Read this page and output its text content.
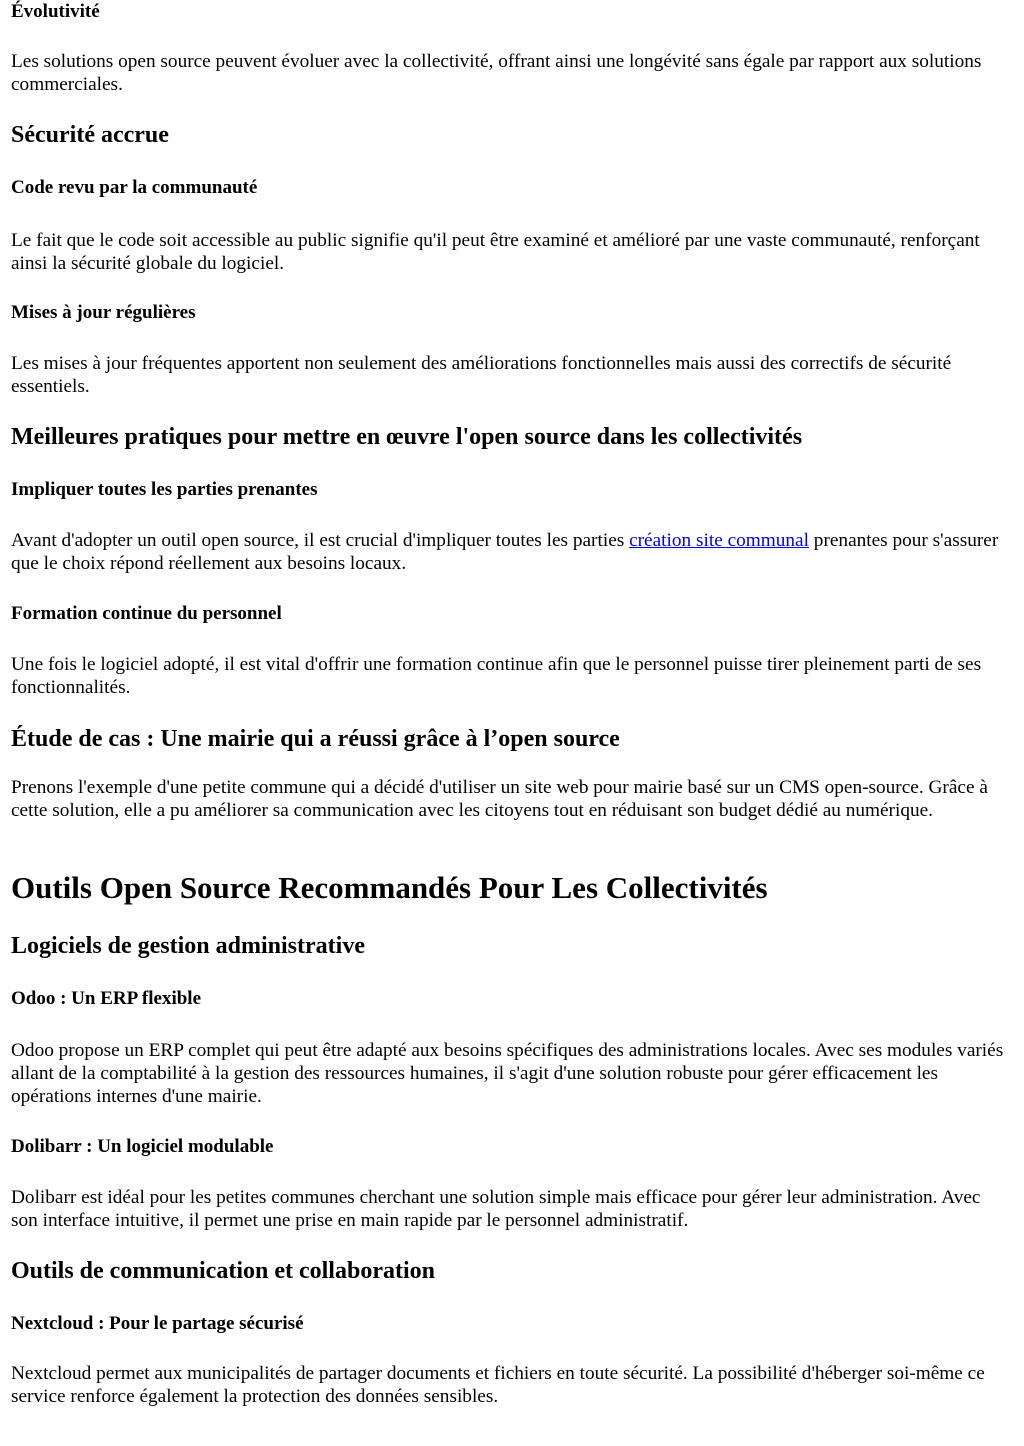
Évolutivité

Les solutions open source peuvent évoluer avec la collectivité, offrant ainsi une longévité sans égale par rapport aux solutions commerciales.

Sécurité accrue
Code revu par la communauté

Le fait que le code soit accessible au public signifie qu'il peut être examiné et amélioré par une vaste communauté, renforçant ainsi la sécurité globale du logiciel.

Mises à jour régulières

Les mises à jour fréquentes apportent non seulement des améliorations fonctionnelles mais aussi des correctifs de sécurité essentiels.

Meilleures pratiques pour mettre en œuvre l'open source dans les collectivités
Impliquer toutes les parties prenantes

Avant d'adopter un outil open source, il est crucial d'impliquer toutes les parties création site communal prenantes pour s'assurer que le choix répond réellement aux besoins locaux.

Formation continue du personnel

Une fois le logiciel adopté, il est vital d'offrir une formation continue afin que le personnel puisse tirer pleinement parti de ses fonctionnalités.

Étude de cas : Une mairie qui a réussi grâce à l’open source

Prenons l'exemple d'une petite commune qui a décidé d'utiliser un site web pour mairie basé sur un CMS open-source. Grâce à cette solution, elle a pu améliorer sa communication avec les citoyens tout en réduisant son budget dédié au numérique.

Outils Open Source Recommandés Pour Les Collectivités
Logiciels de gestion administrative
Odoo : Un ERP flexible

Odoo propose un ERP complet qui peut être adapté aux besoins spécifiques des administrations locales. Avec ses modules variés allant de la comptabilité à la gestion des ressources humaines, il s'agit d'une solution robuste pour gérer efficacement les opérations internes d'une mairie.

Dolibarr : Un logiciel modulable

Dolibarr est idéal pour les petites communes cherchant une solution simple mais efficace pour gérer leur administration. Avec son interface intuitive, il permet une prise en main rapide par le personnel administratif.

Outils de communication et collaboration
Nextcloud : Pour le partage sécurisé

Nextcloud permet aux municipalités de partager documents et fichiers en toute sécurité. La possibilité d'héberger soi-même ce service renforce également la protection des données sensibles.
